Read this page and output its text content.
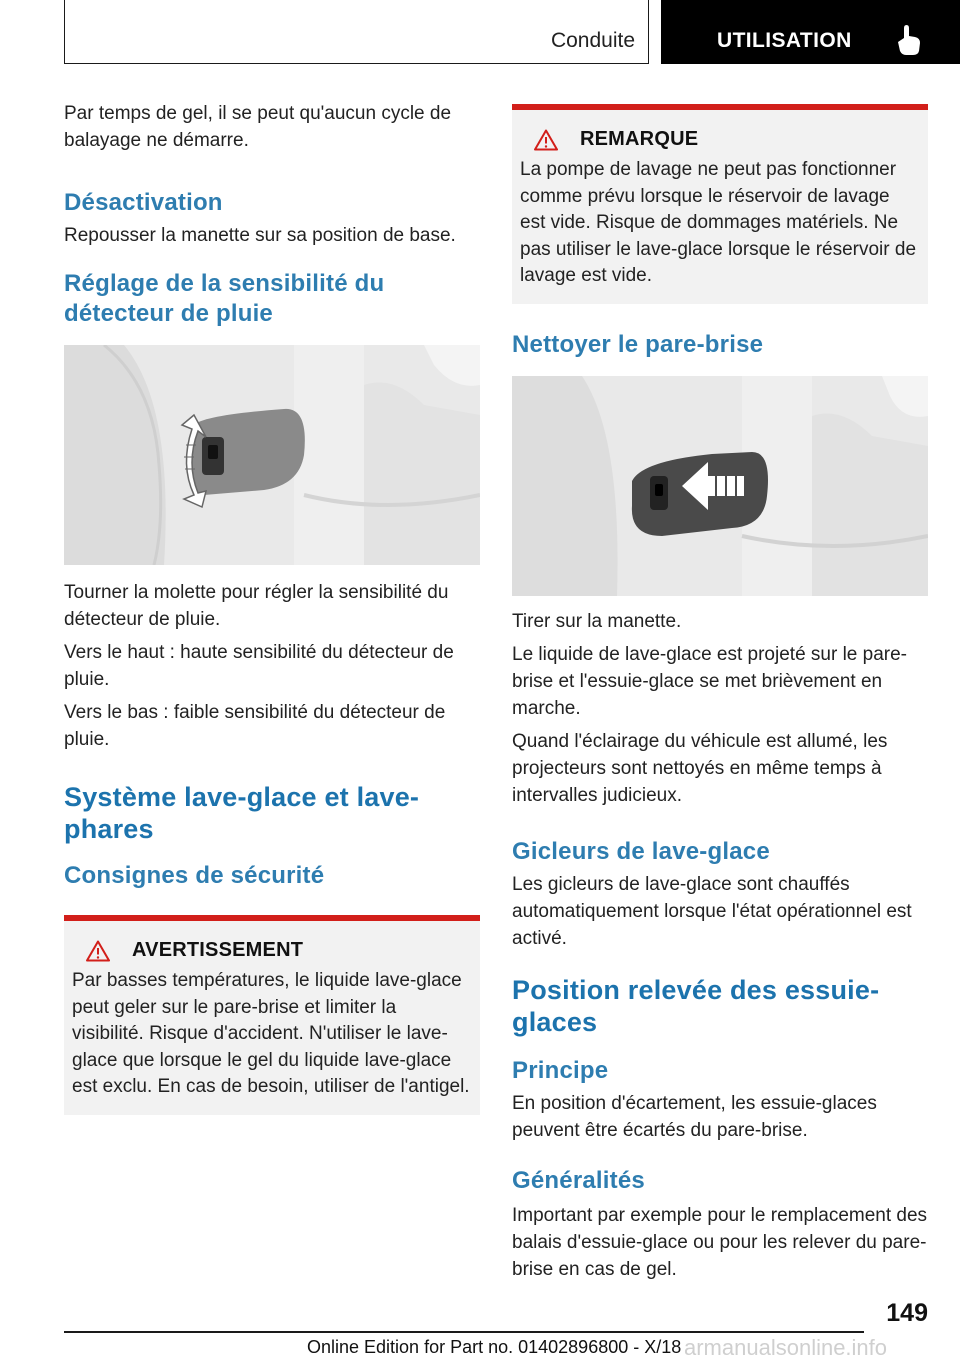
Conduite	UTILISATION

Par temps de gel, il se peut qu'aucun cycle de balayage ne démarre.

Désactivation

Repousser la manette sur sa position de base.

Réglage de la sensibilité du détecteur de pluie

Tourner la molette pour régler la sensibilité du détecteur de pluie.

Vers le haut : haute sensibilité du détecteur de pluie.

Vers le bas : faible sensibilité du détecteur de pluie.

Système lave-glace et lave-phares
Consignes de sécurité
AVERTISSEMENT

Par basses températures, le liquide lave-glace peut geler sur le pare-brise et limiter la visibilité. Risque d'accident. N'utiliser le lave-glace que lorsque le gel du liquide lave-glace est exclu. En cas de besoin, utiliser de l'antigel.

REMARQUE

La pompe de lavage ne peut pas fonctionner comme prévu lorsque le réservoir de lavage est vide. Risque de dommages matériels. Ne pas utiliser le lave-glace lorsque le réservoir de lavage est vide.

Nettoyer le pare-brise

Tirer sur la manette.

Le liquide de lave-glace est projeté sur le pare-brise et l'essuie-glace se met brièvement en marche.

Quand l'éclairage du véhicule est allumé, les projecteurs sont nettoyés en même temps à intervalles judicieux.

Gicleurs de lave-glace

Les gicleurs de lave-glace sont chauffés automatiquement lorsque l'état opérationnel est activé.

Position relevée des essuie-glaces
Principe

En position d'écartement, les essuie-glaces peuvent être écartés du pare-brise.

Généralités

Important par exemple pour le remplacement des balais d'essuie-glace ou pour les relever du pare-brise en cas de gel.

149
Online Edition for Part no. 01402896800 - X/18 armanualsonline.info
